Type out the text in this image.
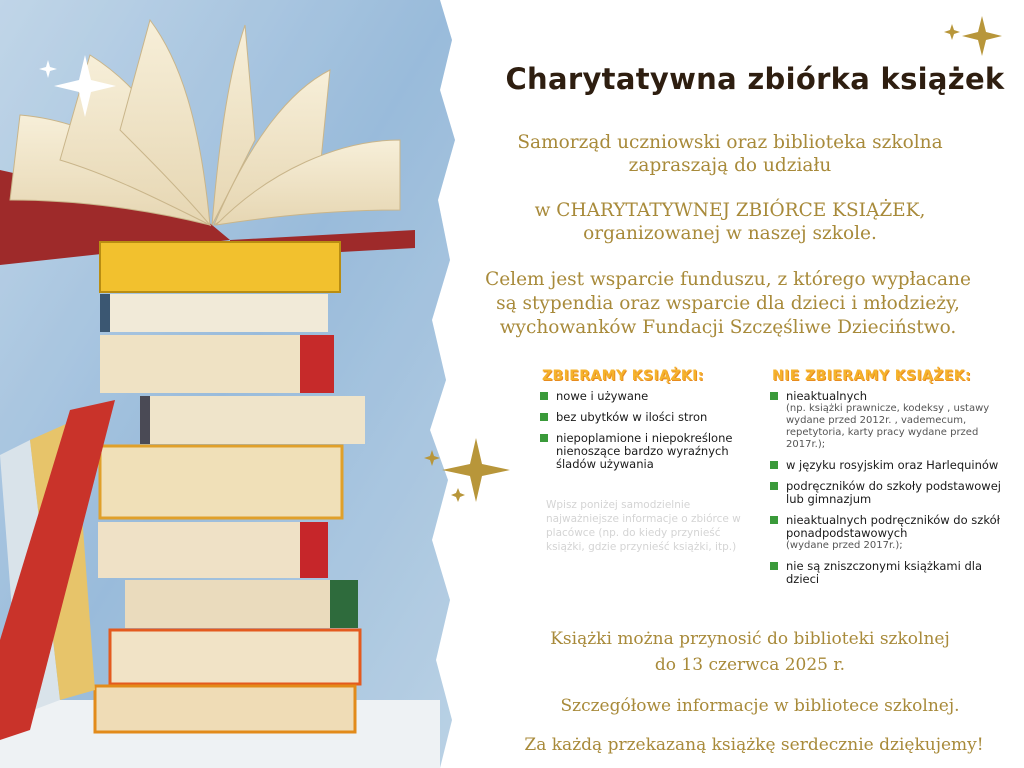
Charytatywna zbiórka książek
Samorząd uczniowski oraz biblioteka szkolna
zapraszają do udziału
w CHARYTATYWNEJ ZBIÓRCE KSIĄŻEK,
organizowanej w naszej szkole.
Celem jest wsparcie funduszu, z którego wypłacane
są stypendia oraz wsparcie dla dzieci i młodzieży,
wychowanków Fundacji Szczęśliwe Dzieciństwo.
ZBIERAMY KSIĄŻKI:
nowe i używane
bez ubytków w ilości stron
niepoplamione i niepokreślone nienoszące bardzo wyraźnych śladów używania
Wpisz poniżej samodzielnie najważniejsze informacje o zbiórce w placówce (np. do kiedy przynieść książki, gdzie przynieść książki, itp.)
NIE ZBIERAMY KSIĄŻEK:
nieaktualnych
(np. książki prawnicze, kodeksy , ustawy wydane przed 2012r. , vademecum, repetytoria, karty pracy wydane przed 2017r.);
w języku rosyjskim oraz Harlequinów
podręczników do szkoły podstawowej lub gimnazjum
nieaktualnych podręczników do szkół ponadpodstawowych
(wydane przed 2017r.);
nie są zniszczonymi książkami dla dzieci
Książki można przynosić do biblioteki szkolnej
do 13 czerwca 2025 r.
Szczegółowe informacje w bibliotece szkolnej.
Za każdą przekazaną książkę serdecznie dziękujemy!
